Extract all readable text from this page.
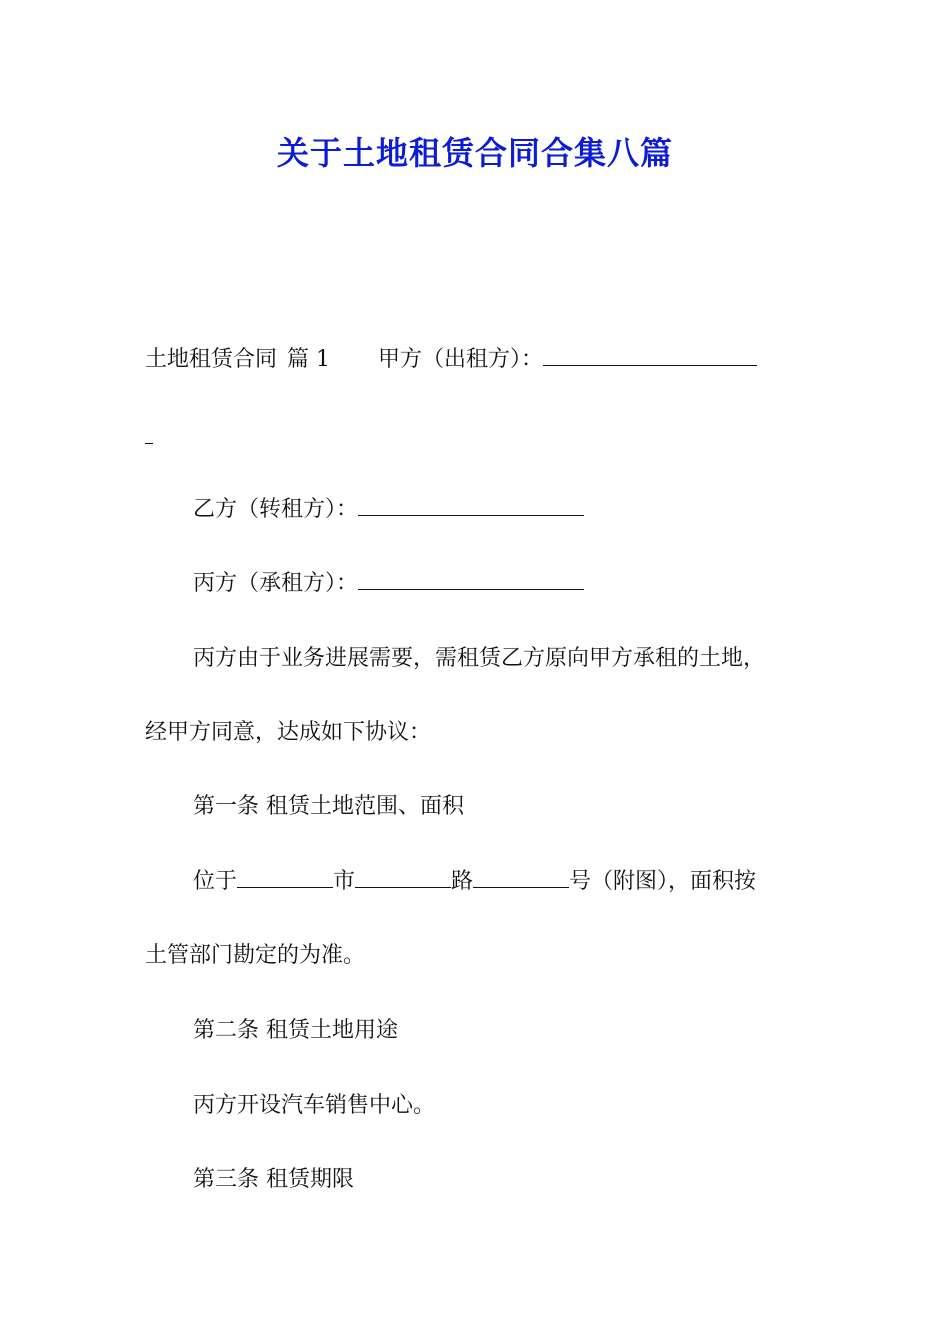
关于土地租赁合同合集八篇

土地租赁合同 篇 1 甲方（出租方）：

乙方（转租方）：

丙方（承租方）：

丙方由于业务进展需要，需租赁乙方原向甲方承租的土地，

经甲方同意，达成如下协议：

第一条 租赁土地范围、面积

位于	市	路	号（附图），面积按

土管部门勘定的为准。

第二条 租赁土地用途

丙方开设汽车销售中心。

第三条 租赁期限
